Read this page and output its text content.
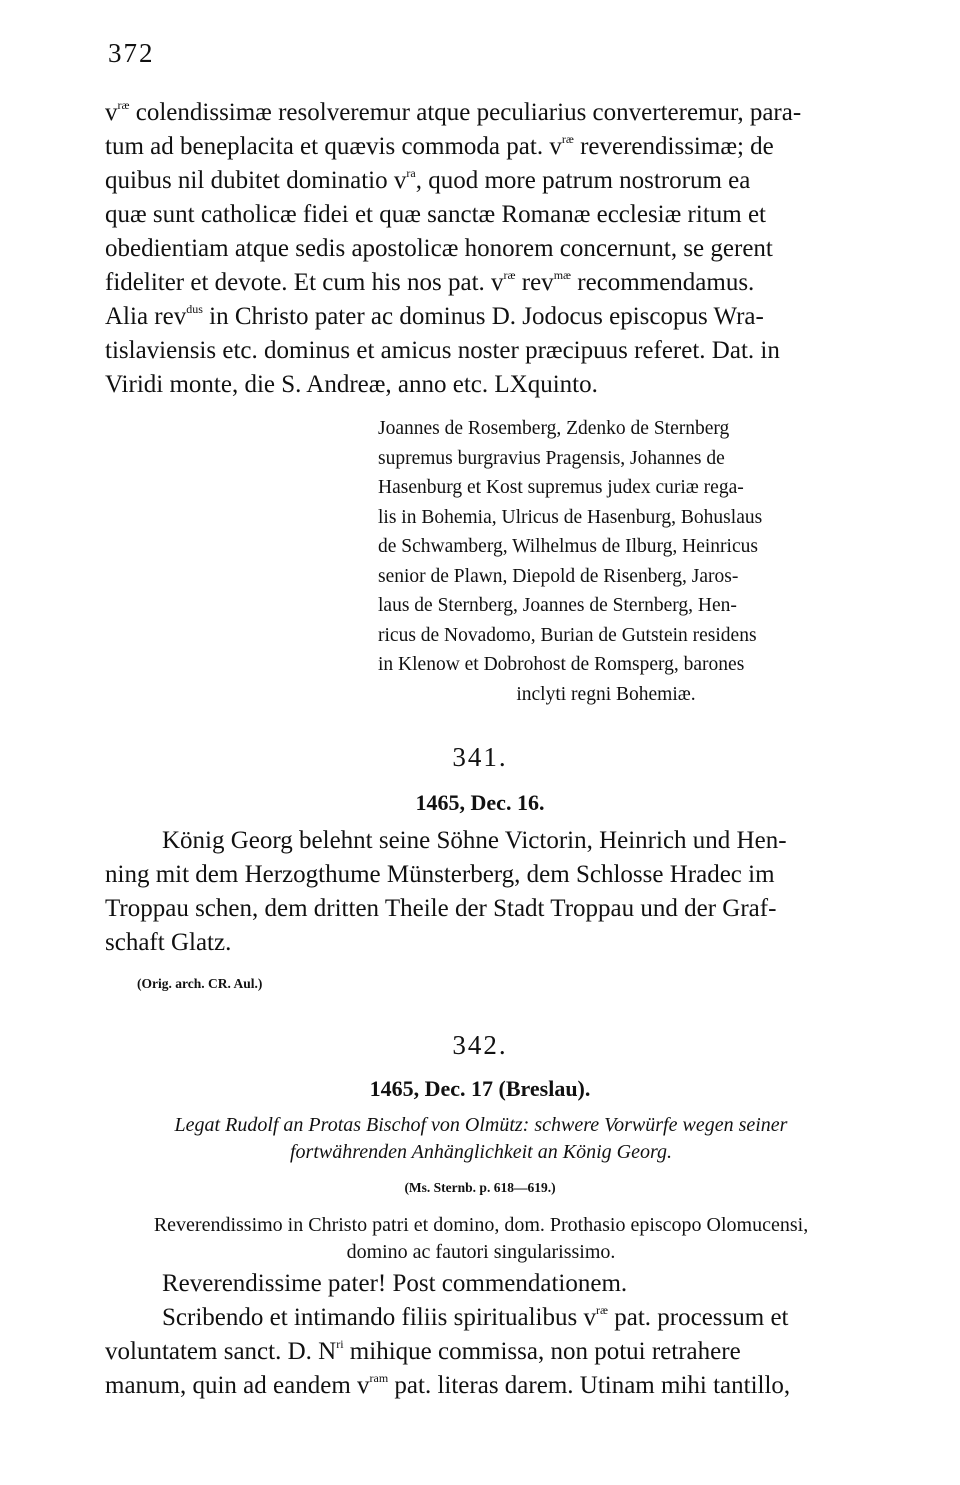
372

$v^{ræ}$ colendissimæ resolveremur atque peculiarius converteremur, para-

tum ad beneplacita et quævis commoda pat. $v^{ræ}$ reverendissimæ; de

quibus nil dubitet dominatio $v^{ra}$, quod more patrum nostrorum ea

quæ sunt catholicæ fidei et quæ sanctæ Romanæ ecclesiæ ritum et

obedientiam atque sedis apostolicæ honorem concernunt, se gerent

fideliter et devote. Et cum his nos pat. $v^{ræ}$ rev$^{mæ}$ recommendamus.

Alia rev$^{dus}$ in Christo pater ac dominus D. Jodocus episcopus Wra-

tislaviensis etc. dominus et amicus noster præcipuus referet. Dat. in

Viridi monte, die S. Andreæ, anno etc. LXquinto.

Joannes de Rosemberg, Zdenko de Sternberg
supremus burgravius Pragensis, Johannes de
Hasenburg et Kost supremus judex curiæ rega-
lis in Bohemia, Ulricus de Hasenburg, Bohuslaus
de Schwamberg, Wilhelmus de Ilburg, Heinricus
senior de Plawn, Diepold de Risenberg, Jaros-
laus de Sternberg, Joannes de Sternberg, Hen-
ricus de Novadomo, Burian de Gutstein residens
in Klenow et Dobrohost de Romsperg, barones
inclyti regni Bohemiæ.
341.
1465, Dec. 16.
König Georg belehnt seine Söhne Victorin, Heinrich und Hen-
ning mit dem Herzogthume Münsterberg, dem Schlosse Hradec im
Troppau schen, dem dritten Theile der Stadt Troppau und der Graf-
schaft Glatz.
(Orig. arch. CR. Aul.)
342.
1465, Dec. 17 (Breslau).
Legat Rudolf an Protas Bischof von Olmütz: schwere Vorwürfe wegen seiner
fortwährenden Anhänglichkeit an König Georg.
(Ms. Sternb. p. 618—619.)
Reverendissimo in Christo patri et domino, dom. Prothasio episcopo Olomucensi,
domino ac fautori singularissimo.

Reverendissime pater! Post commendationem.

Scribendo et intimando filiis spiritualibus $v^{ræ}$ pat. processum et

voluntatem sanct. D. $N^{ri}$ mihique commissa, non potui retrahere

manum, quin ad eandem $v^{ram}$ pat. literas darem. Utinam mihi tantillo,
